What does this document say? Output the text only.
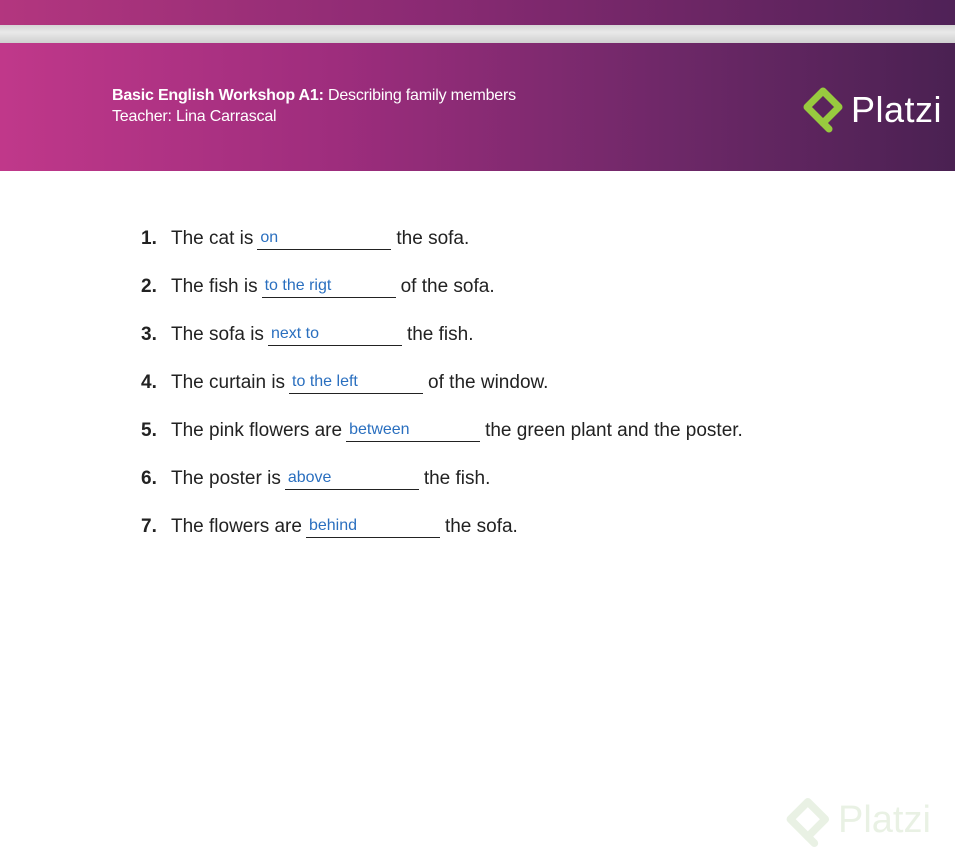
Basic English Workshop A1: Describing family members
Teacher: Lina Carrascal	Platzi
1. The cat is on	the sofa.
2. The fish is to the rigt	of the sofa.
3. The sofa is next to	the fish.
4. The curtain is to the left	of the window.
5. The pink flowers are between	the green plant and the poster.
6. The poster is above	the fish.
7. The flowers are behind	the sofa.
Platzi
